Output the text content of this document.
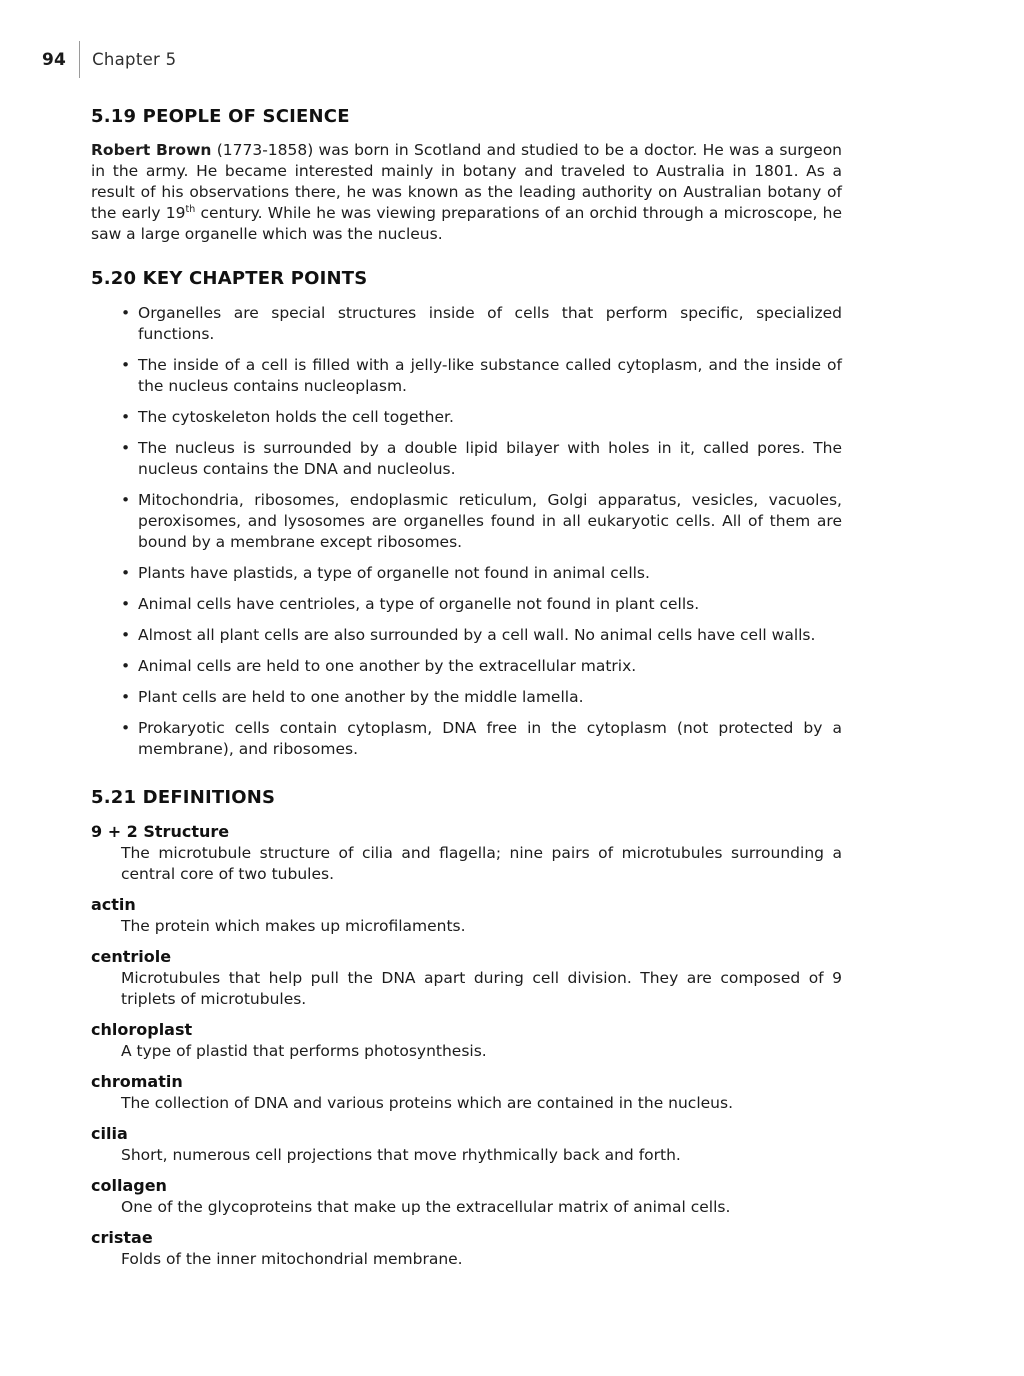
94 Chapter 5
5.19 PEOPLE OF SCIENCE

Robert Brown (1773-1858) was born in Scotland and studied to be a doctor. He was a surgeon in the army. He became interested mainly in botany and traveled to Australia in 1801. As a result of his observations there, he was known as the leading authority on Australian botany of the early 19th century. While he was viewing preparations of an orchid through a microscope, he saw a large organelle which was the nucleus.

5.20 KEY CHAPTER POINTS
•
Organelles are special structures inside of cells that perform specific, specialized functions.
•
The inside of a cell is filled with a jelly-like substance called cytoplasm, and the inside of the nucleus contains nucleoplasm.
•
The cytoskeleton holds the cell together.
•
The nucleus is surrounded by a double lipid bilayer with holes in it, called pores. The nucleus contains the DNA and nucleolus.
•
Mitochondria, ribosomes, endoplasmic reticulum, Golgi apparatus, vesicles, vacuoles, peroxisomes, and lysosomes are organelles found in all eukaryotic cells. All of them are bound by a membrane except ribosomes.
•
Plants have plastids, a type of organelle not found in animal cells.
•
Animal cells have centrioles, a type of organelle not found in plant cells.
•
Almost all plant cells are also surrounded by a cell wall. No animal cells have cell walls.
•
Animal cells are held to one another by the extracellular matrix.
•
Plant cells are held to one another by the middle lamella.
•
Prokaryotic cells contain cytoplasm, DNA free in the cytoplasm (not protected by a membrane), and ribosomes.
5.21 DEFINITIONS
9 + 2 Structure
The microtubule structure of cilia and flagella; nine pairs of microtubules surrounding a central core of two tubules.
actin
The protein which makes up microfilaments.
centriole
Microtubules that help pull the DNA apart during cell division. They are composed of 9 triplets of microtubules.
chloroplast
A type of plastid that performs photosynthesis.
chromatin
The collection of DNA and various proteins which are contained in the nucleus.
cilia
Short, numerous cell projections that move rhythmically back and forth.
collagen
One of the glycoproteins that make up the extracellular matrix of animal cells.
cristae
Folds of the inner mitochondrial membrane.
